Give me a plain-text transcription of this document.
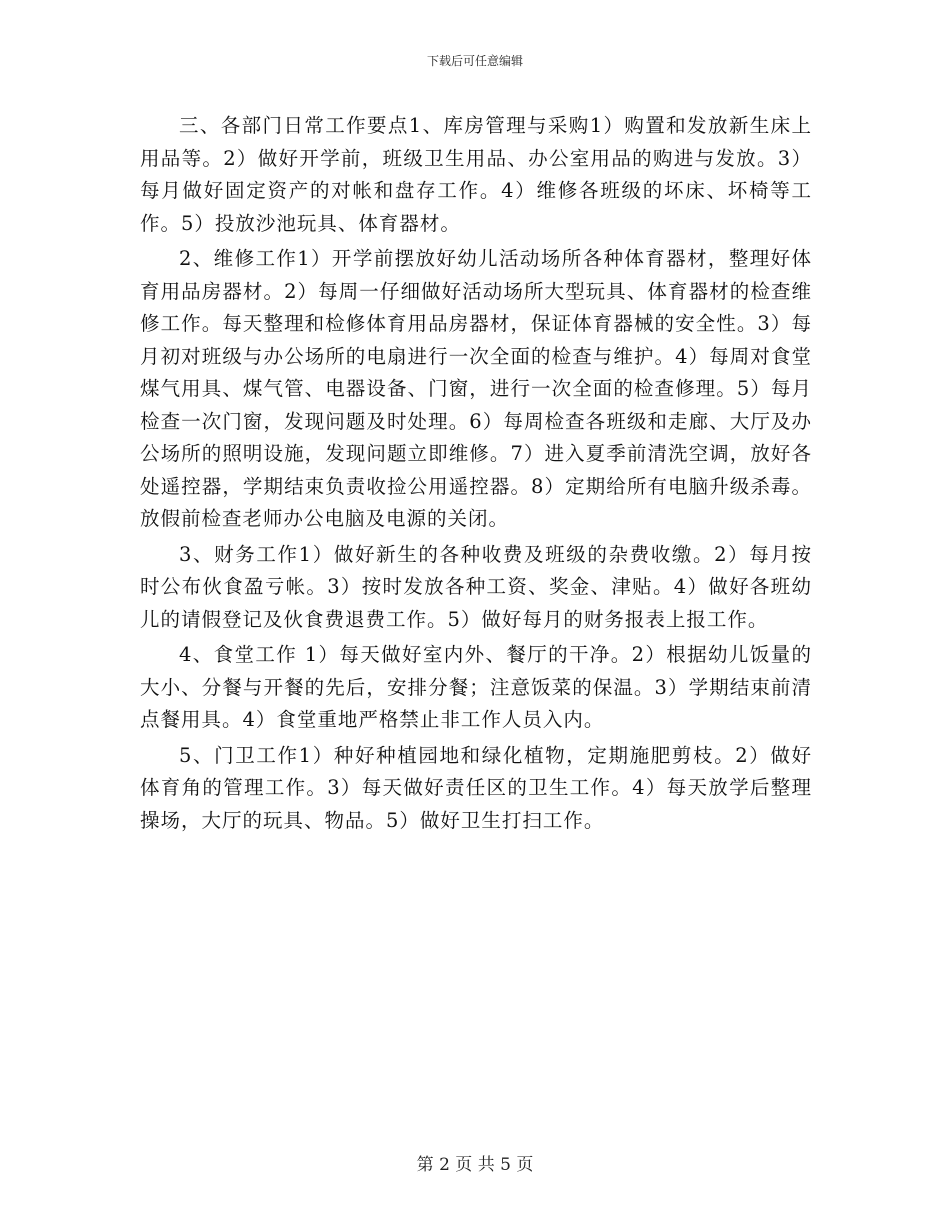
下载后可任意编辑

三、各部门日常工作要点1、库房管理与采购1）购置和发放新生床上用品等。2）做好开学前，班级卫生用品、办公室用品的购进与发放。3）每月做好固定资产的对帐和盘存工作。4）维修各班级的坏床、坏椅等工作。5）投放沙池玩具、体育器材。

2、维修工作1）开学前摆放好幼儿活动场所各种体育器材，整理好体育用品房器材。2）每周一仔细做好活动场所大型玩具、体育器材的检查维修工作。每天整理和检修体育用品房器材，保证体育器械的安全性。3）每月初对班级与办公场所的电扇进行一次全面的检查与维护。4）每周对食堂煤气用具、煤气管、电器设备、门窗，进行一次全面的检查修理。5）每月检查一次门窗，发现问题及时处理。6）每周检查各班级和走廊、大厅及办公场所的照明设施，发现问题立即维修。7）进入夏季前清洗空调，放好各处遥控器，学期结束负责收捡公用遥控器。8）定期给所有电脑升级杀毒。放假前检查老师办公电脑及电源的关闭。

3、财务工作1）做好新生的各种收费及班级的杂费收缴。2）每月按时公布伙食盈亏帐。3）按时发放各种工资、奖金、津贴。4）做好各班幼儿的请假登记及伙食费退费工作。5）做好每月的财务报表上报工作。

4、食堂工作 1）每天做好室内外、餐厅的干净。2）根据幼儿饭量的大小、分餐与开餐的先后，安排分餐；注意饭菜的保温。3）学期结束前清点餐用具。4）食堂重地严格禁止非工作人员入内。

5、门卫工作1）种好种植园地和绿化植物，定期施肥剪枝。2）做好体育角的管理工作。3）每天做好责任区的卫生工作。4）每天放学后整理操场，大厅的玩具、物品。5）做好卫生打扫工作。

第 2 页 共 5 页
